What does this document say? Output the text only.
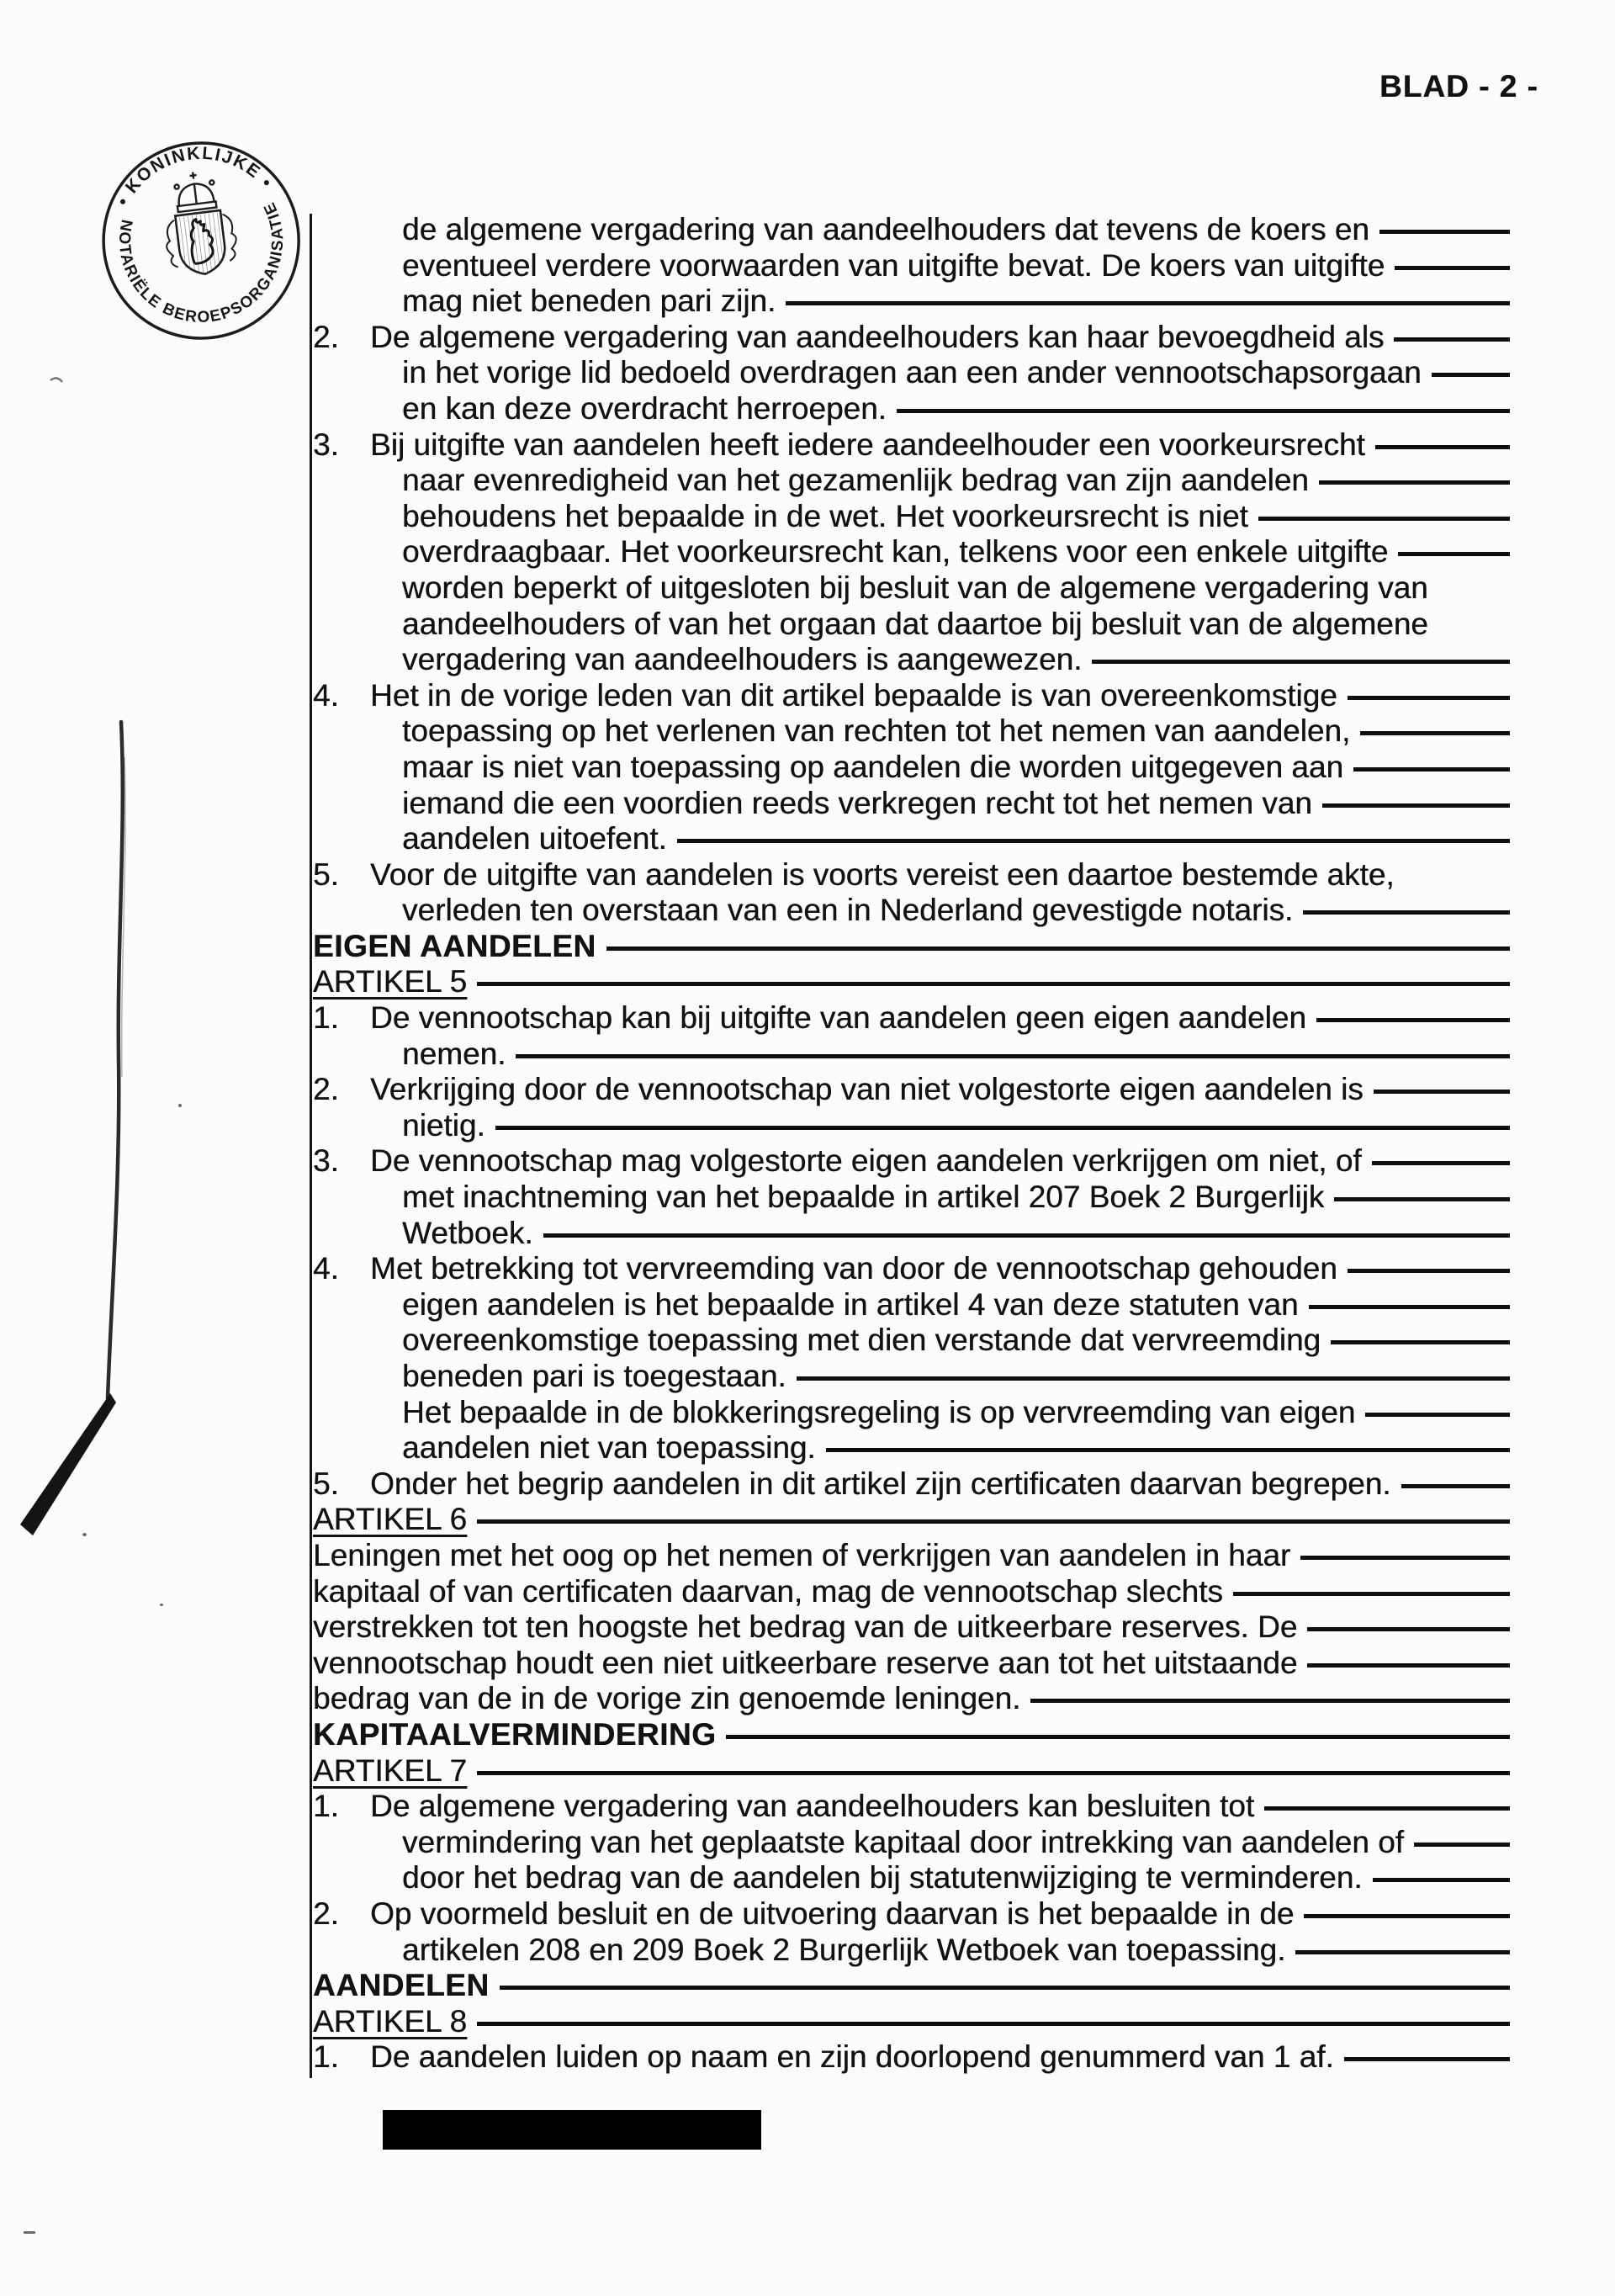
BLAD - 2 -
• KONINKLIJKE •
NOTARIËLE BEROEPSORGANISATIE
de algemene vergadering van aandeelhouders dat tevens de koers en
eventueel verdere voorwaarden van uitgifte bevat. De koers van uitgifte
mag niet beneden pari zijn.
2.	De algemene vergadering van aandeelhouders kan haar bevoegdheid als
in het vorige lid bedoeld overdragen aan een ander vennootschapsorgaan
en kan deze overdracht herroepen.
3.	Bij uitgifte van aandelen heeft iedere aandeelhouder een voorkeursrecht
naar evenredigheid van het gezamenlijk bedrag van zijn aandelen
behoudens het bepaalde in de wet. Het voorkeursrecht is niet
overdraagbaar. Het voorkeursrecht kan, telkens voor een enkele uitgifte
worden beperkt of uitgesloten bij besluit van de algemene vergadering van
aandeelhouders of van het orgaan dat daartoe bij besluit van de algemene
vergadering van aandeelhouders is aangewezen.
4.	Het in de vorige leden van dit artikel bepaalde is van overeenkomstige
toepassing op het verlenen van rechten tot het nemen van aandelen,
maar is niet van toepassing op aandelen die worden uitgegeven aan
iemand die een voordien reeds verkregen recht tot het nemen van
aandelen uitoefent.
5.	Voor de uitgifte van aandelen is voorts vereist een daartoe bestemde akte,
verleden ten overstaan van een in Nederland gevestigde notaris.
EIGEN AANDELEN
ARTIKEL 5
1.	De vennootschap kan bij uitgifte van aandelen geen eigen aandelen
nemen.
2.	Verkrijging door de vennootschap van niet volgestorte eigen aandelen is
nietig.
3.	De vennootschap mag volgestorte eigen aandelen verkrijgen om niet, of
met inachtneming van het bepaalde in artikel 207 Boek 2 Burgerlijk
Wetboek.
4.	Met betrekking tot vervreemding van door de vennootschap gehouden
eigen aandelen is het bepaalde in artikel 4 van deze statuten van
overeenkomstige toepassing met dien verstande dat vervreemding
beneden pari is toegestaan.
Het bepaalde in de blokkeringsregeling is op vervreemding van eigen
aandelen niet van toepassing.
5.	Onder het begrip aandelen in dit artikel zijn certificaten daarvan begrepen.
ARTIKEL 6
Leningen met het oog op het nemen of verkrijgen van aandelen in haar
kapitaal of van certificaten daarvan, mag de vennootschap slechts
verstrekken tot ten hoogste het bedrag van de uitkeerbare reserves. De
vennootschap houdt een niet uitkeerbare reserve aan tot het uitstaande
bedrag van de in de vorige zin genoemde leningen.
KAPITAALVERMINDERING
ARTIKEL 7
1.	De algemene vergadering van aandeelhouders kan besluiten tot
vermindering van het geplaatste kapitaal door intrekking van aandelen of
door het bedrag van de aandelen bij statutenwijziging te verminderen.
2.	Op voormeld besluit en de uitvoering daarvan is het bepaalde in de
artikelen 208 en 209 Boek 2 Burgerlijk Wetboek van toepassing.
AANDELEN
ARTIKEL 8
1.	De aandelen luiden op naam en zijn doorlopend genummerd van 1 af.
